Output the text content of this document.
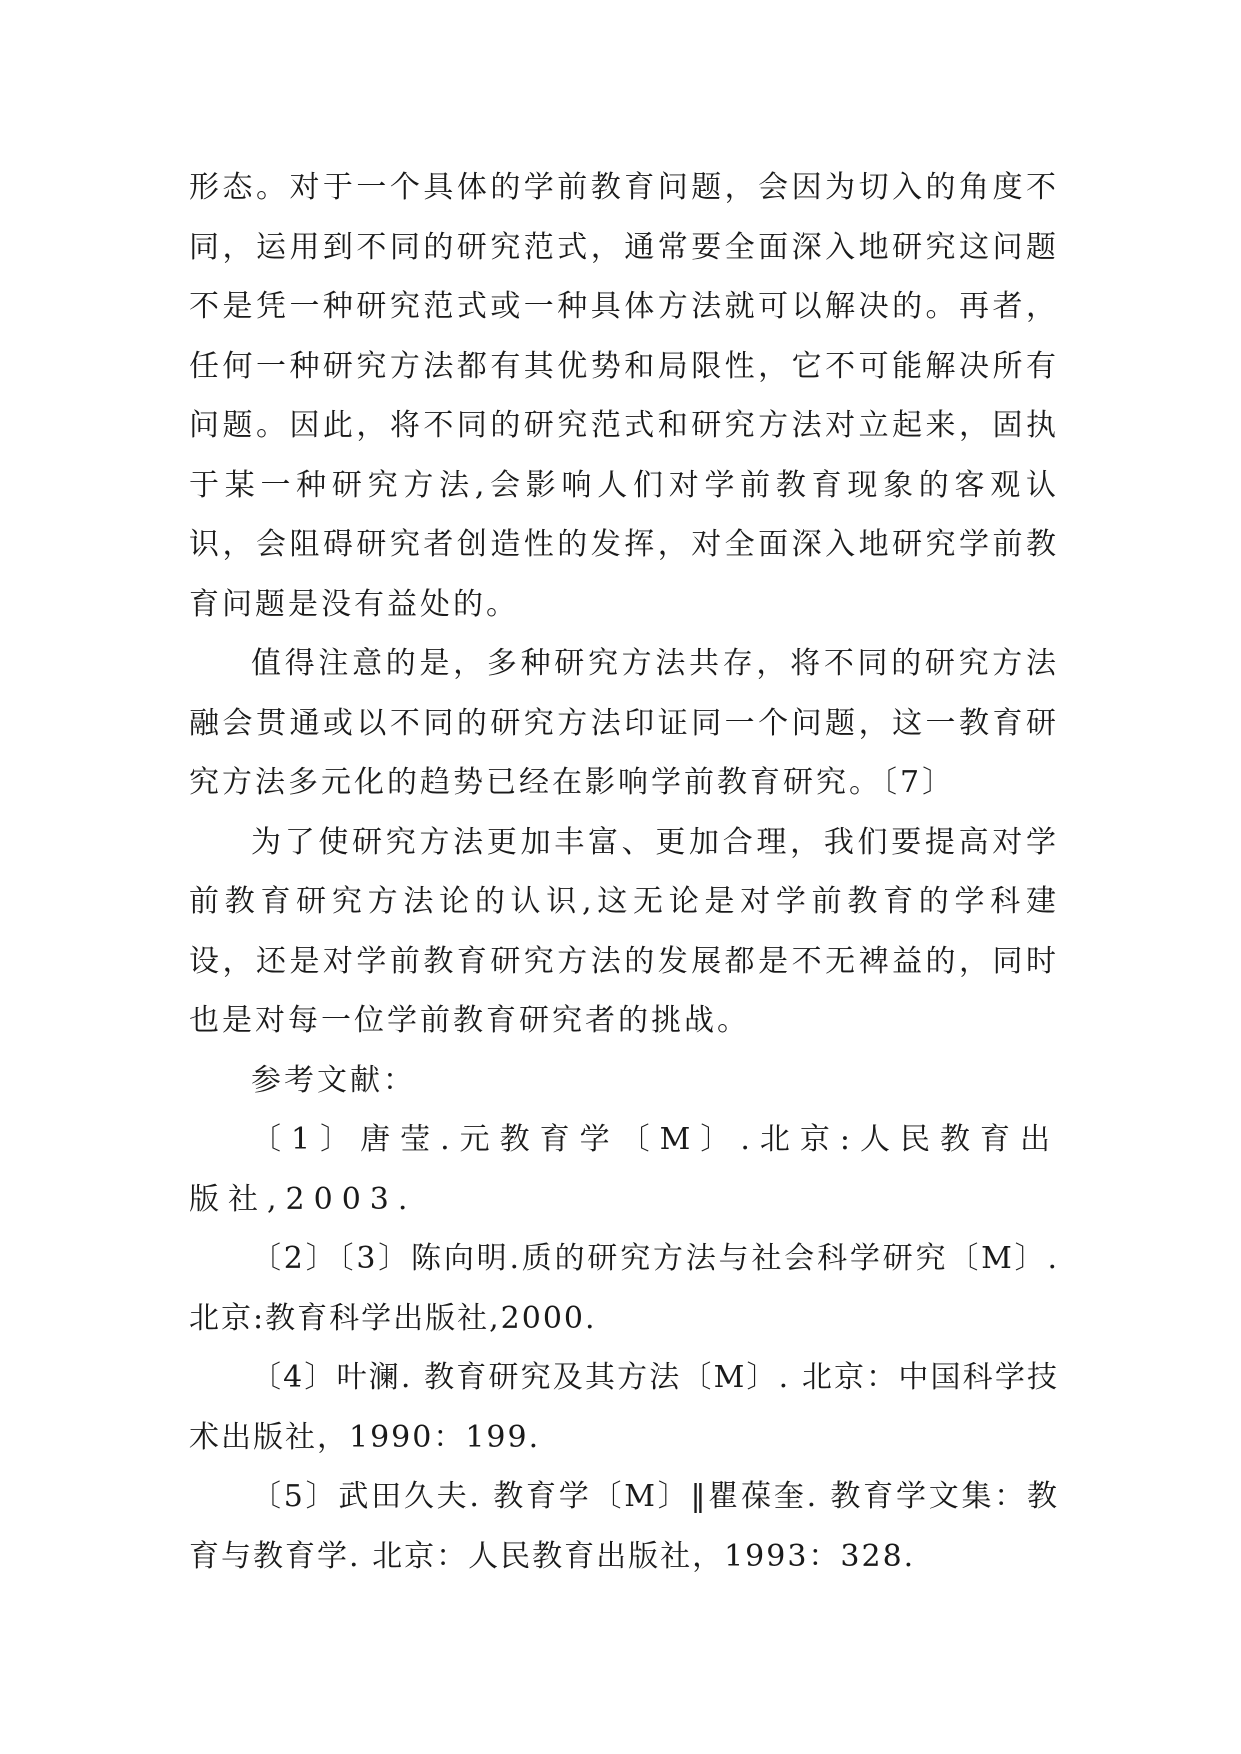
形态。对于一个具体的学前教育问题，会因为切入的角度不同，运用到不同的研究范式，通常要全面深入地研究这问题不是凭一种研究范式或一种具体方法就可以解决的。再者，任何一种研究方法都有其优势和局限性，它不可能解决所有问题。因此，将不同的研究范式和研究方法对立起来，固执于某一种研究方法,会影响人们对学前教育现象的客观认识，会阻碍研究者创造性的发挥，对全面深入地研究学前教育问题是没有益处的。

值得注意的是，多种研究方法共存，将不同的研究方法融会贯通或以不同的研究方法印证同一个问题，这一教育研究方法多元化的趋势已经在影响学前教育研究。〔7〕

为了使研究方法更加丰富、更加合理，我们要提高对学前教育研究方法论的认识,这无论是对学前教育的学科建设，还是对学前教育研究方法的发展都是不无裨益的，同时也是对每一位学前教育研究者的挑战。

参考文献：

〔1〕唐莹.元教育学〔M〕.北京:人民教育出版社,2003.

〔2〕〔3〕陈向明.质的研究方法与社会科学研究〔M〕.北京:教育科学出版社,2000.

〔4〕叶澜. 教育研究及其方法〔M〕. 北京：中国科学技术出版社，1990：199.

〔5〕武田久夫. 教育学〔M〕‖瞿葆奎. 教育学文集：教育与教育学. 北京：人民教育出版社，1993：328.
